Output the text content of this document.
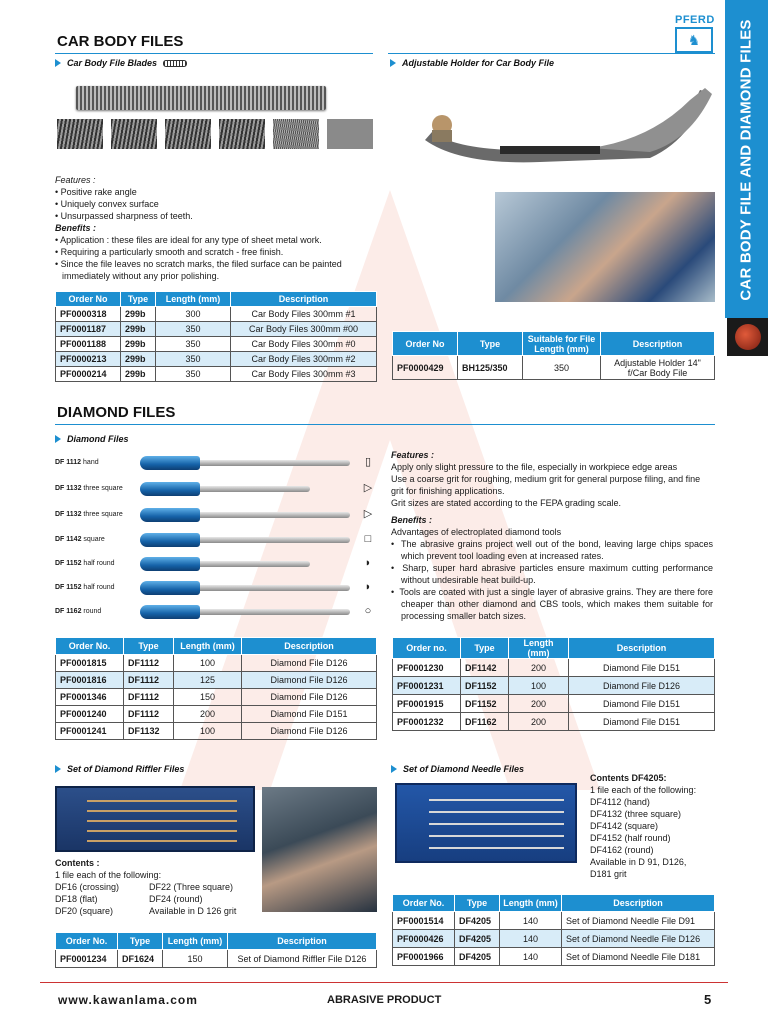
CAR BODY FILE AND DIAMOND FILES
PFERD
♞
CAR BODY FILES
Car Body File Blades	Adjustable Holder for Car Body File
Features :
• Positive rake angle
• Uniquely convex surface
• Unsurpassed sharpness of teeth.
Benefits :
• Application : these files are ideal for any type of sheet metal work.
• Requiring a particularly smooth and scratch - free finish.
• Since the file leaves no scratch marks, the filed surface can be painted immediately without any prior polishing.
Order No	Type	Length (mm)	Description
PF0000318	299b	300	Car Body Files 300mm #1
PF0001187	299b	350	Car Body Files 300mm #00
PF0001188	299b	350	Car Body Files 300mm #0
PF0000213	299b	350	Car Body Files 300mm #2
PF0000214	299b	350	Car Body Files 300mm #3
Order No	Type	Suitable for File Length (mm)	Description
PF0000429	BH125/350	350	Adjustable Holder 14" f/Car Body File
DIAMOND FILES
Diamond Files
DF 1112 hand	▯
DF 1132 three square	▷
DF 1132 three square	▷
DF 1142 square	□
DF 1152 half round	◗
DF 1152 half round	◗
DF 1162 round	○
Features :
Apply only slight pressure to the file, especially in workpiece edge areas
Use a coarse grit for roughing, medium grit for general purpose filing, and fine grit for finishing applications.
Grit sizes are stated according to the FEPA grading scale.
Benefits :
Advantages of electroplated diamond tools
•  The abrasive grains project well out of the bond, leaving large chips spaces which prevent tool loading even at increased rates.
•  Sharp, super hard abrasive particles ensure maximum cutting performance without undesirable heat build-up.
•  Tools are coated with just a single layer of abrasive grains. They are there fore cheaper than other diamond and CBS tools, which makes them suitable for processing smaller batch sizes.
Order No.	Type	Length (mm)	Description
PF0001815	DF1112	100	Diamond File D126
PF0001816	DF1112	125	Diamond File D126
PF0001346	DF1112	150	Diamond File D126
PF0001240	DF1112	200	Diamond File D151
PF0001241	DF1132	100	Diamond File D126
Order no.	Type	Length (mm)	Description
PF0001230	DF1142	200	Diamond File D151
PF0001231	DF1152	100	Diamond File D126
PF0001915	DF1152	200	Diamond File D151
PF0001232	DF1162	200	Diamond File D151
Set of Diamond Riffler Files
Contents :
1 file each of the following:
DF16 (crossing)
DF18 (flat)
DF20 (square)
DF22 (Three square)
DF24 (round)
Available in D 126 grit
Order No.	Type	Length (mm)	Description
PF0001234	DF1624	150	Set of Diamond Riffler File D126
Set of Diamond Needle Files
Contents DF4205:
1 file each of the following:
DF4112 (hand)
DF4132 (three square)
DF4142 (square)
DF4152 (half round)
DF4162 (round)
Available in D 91, D126,
D181 grit
Order No.	Type	Length (mm)	Description
PF0001514	DF4205	140	Set of Diamond Needle File D91
PF0000426	DF4205	140	Set of Diamond Needle File D126
PF0001966	DF4205	140	Set of Diamond Needle File D181
www.kawanlama.com	ABRASIVE PRODUCT	5
